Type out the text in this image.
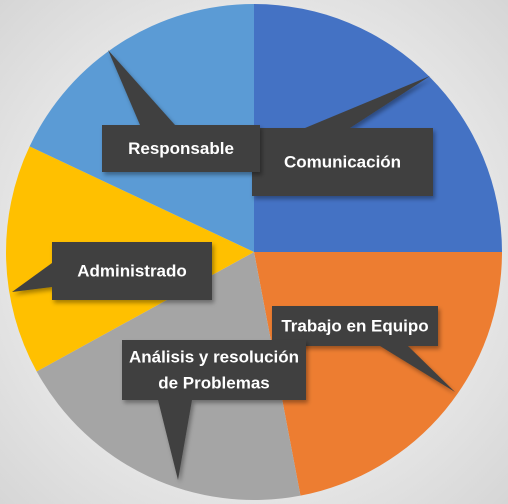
Comunicación
Trabajo en Equipo
Análisis y resolución
de Problemas
Administrado
Responsable
